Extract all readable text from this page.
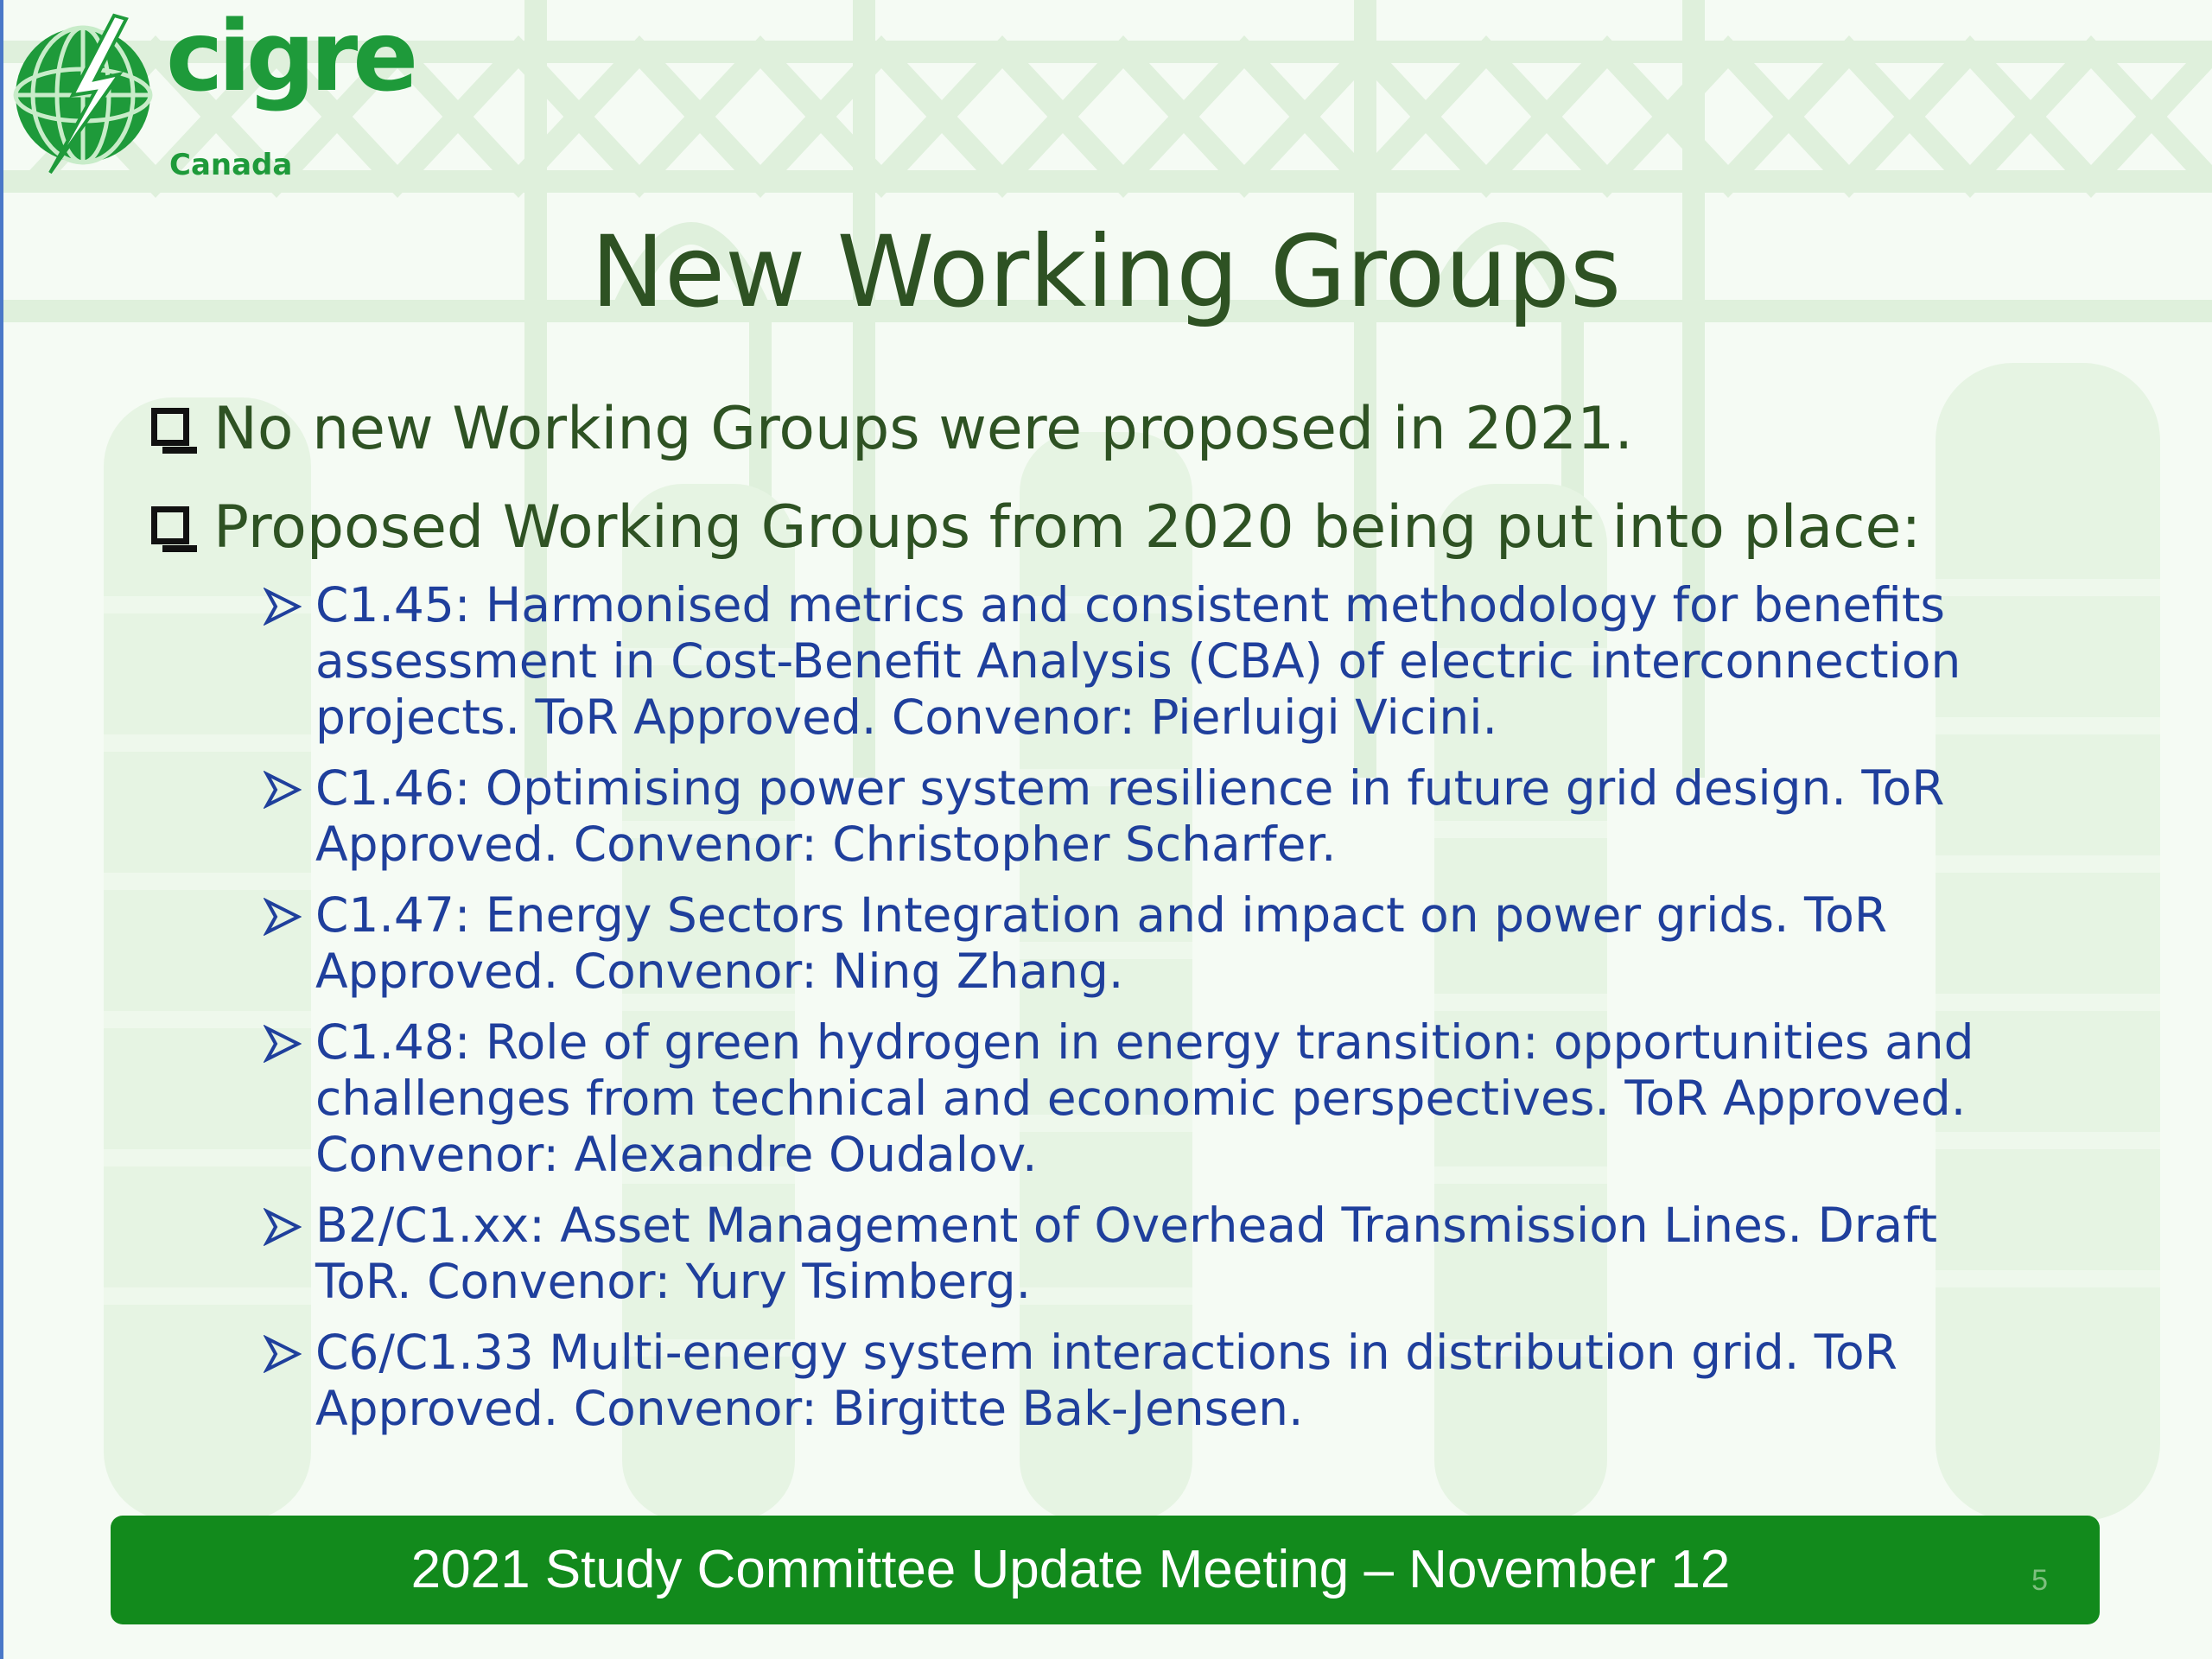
cigre
Canada
New Working Groups
No new Working Groups were proposed in 2021.
Proposed Working Groups from 2020 being put into place:
C1.45: Harmonised metrics and consistent methodology for benefits assessment in Cost-Benefit Analysis (CBA) of electric interconnection projects. ToR Approved. Convenor: Pierluigi Vicini.
C1.46: Optimising power system resilience in future grid design. ToR Approved. Convenor: Christopher Scharfer.
C1.47: Energy Sectors Integration and impact on power grids. ToR Approved. Convenor: Ning Zhang.
C1.48: Role of green hydrogen in energy transition: opportunities and challenges from technical and economic perspectives. ToR Approved. Convenor: Alexandre Oudalov.
B2/C1.xx: Asset Management of Overhead Transmission Lines. Draft ToR. Convenor: Yury Tsimberg.
C6/C1.33 Multi-energy system interactions in distribution grid. ToR Approved. Convenor: Birgitte Bak-Jensen.
2021 Study Committee Update Meeting – November 12	5
